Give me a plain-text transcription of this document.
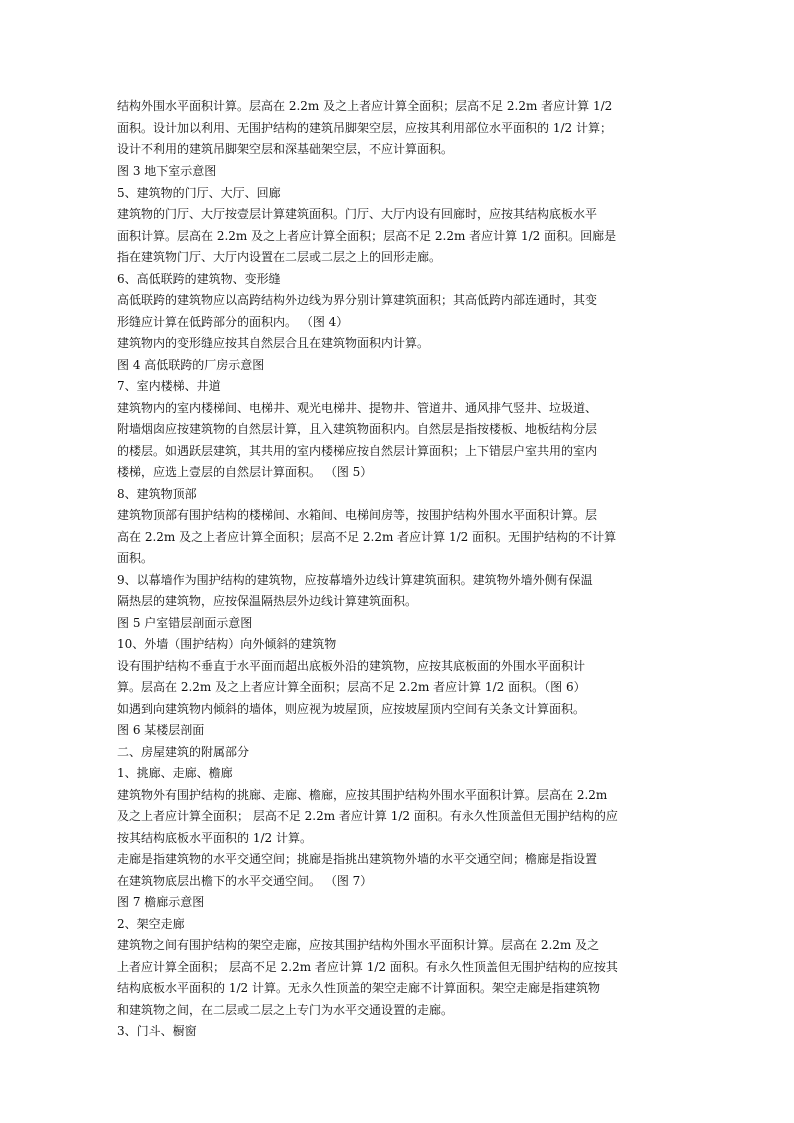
结构外围水平面积计算。层高在 2.2m 及之上者应计算全面积；层高不足 2.2m 者应计算 1/2
面积。设计加以利用、无围护结构的建筑吊脚架空层，应按其利用部位水平面积的 1/2 计算；
设计不利用的建筑吊脚架空层和深基础架空层，不应计算面积。
图 3 地下室示意图
5、建筑物的门厅、大厅、回廊
建筑物的门厅、大厅按壹层计算建筑面积。门厅、大厅内设有回廊时，应按其结构底板水平
面积计算。层高在 2.2m 及之上者应计算全面积；层高不足 2.2m 者应计算 1/2 面积。回廊是
指在建筑物门厅、大厅内设置在二层或二层之上的回形走廊。
6、高低联跨的建筑物、变形缝
高低联跨的建筑物应以高跨结构外边线为界分别计算建筑面积；其高低跨内部连通时，其变
形缝应计算在低跨部分的面积内。 （图 4）
建筑物内的变形缝应按其自然层合且在建筑物面积内计算。
图 4 高低联跨的厂房示意图
7、室内楼梯、井道
建筑物内的室内楼梯间、电梯井、观光电梯井、提物井、管道井、通风排气竖井、垃圾道、
附墙烟囱应按建筑物的自然层计算，且入建筑物面积内。自然层是指按楼板、地板结构分层
的楼层。如遇跃层建筑，其共用的室内楼梯应按自然层计算面积；上下错层户室共用的室内
楼梯，应选上壹层的自然层计算面积。 （图 5）
8、建筑物顶部
建筑物顶部有围护结构的楼梯间、水箱间、电梯间房等，按围护结构外围水平面积计算。层
高在 2.2m 及之上者应计算全面积；层高不足 2.2m 者应计算 1/2 面积。无围护结构的不计算
面积。
9、以幕墙作为围护结构的建筑物，应按幕墙外边线计算建筑面积。建筑物外墙外侧有保温
隔热层的建筑物，应按保温隔热层外边线计算建筑面积。
图 5 户室错层剖面示意图
10、外墙（围护结构）向外倾斜的建筑物
设有围护结构不垂直于水平面而超出底板外沿的建筑物，应按其底板面的外围水平面积计
算。层高在 2.2m 及之上者应计算全面积；层高不足 2.2m 者应计算 1/2 面积。（图 6）
如遇到向建筑物内倾斜的墙体，则应视为坡屋顶，应按坡屋顶内空间有关条文计算面积。
图 6 某楼层剖面
二、房屋建筑的附属部分
1、挑廊、走廊、檐廊
建筑物外有围护结构的挑廊、走廊、檐廊，应按其围护结构外围水平面积计算。层高在 2.2m
及之上者应计算全面积； 层高不足 2.2m 者应计算 1/2 面积。有永久性顶盖但无围护结构的应
按其结构底板水平面积的 1/2 计算。
走廊是指建筑物的水平交通空间；挑廊是指挑出建筑物外墙的水平交通空间；檐廊是指设置
在建筑物底层出檐下的水平交通空间。 （图 7）
图 7 檐廊示意图
2、架空走廊
建筑物之间有围护结构的架空走廊，应按其围护结构外围水平面积计算。层高在 2.2m 及之
上者应计算全面积； 层高不足 2.2m 者应计算 1/2 面积。有永久性顶盖但无围护结构的应按其
结构底板水平面积的 1/2 计算。无永久性顶盖的架空走廊不计算面积。架空走廊是指建筑物
和建筑物之间，在二层或二层之上专门为水平交通设置的走廊。
3、门斗、橱窗
